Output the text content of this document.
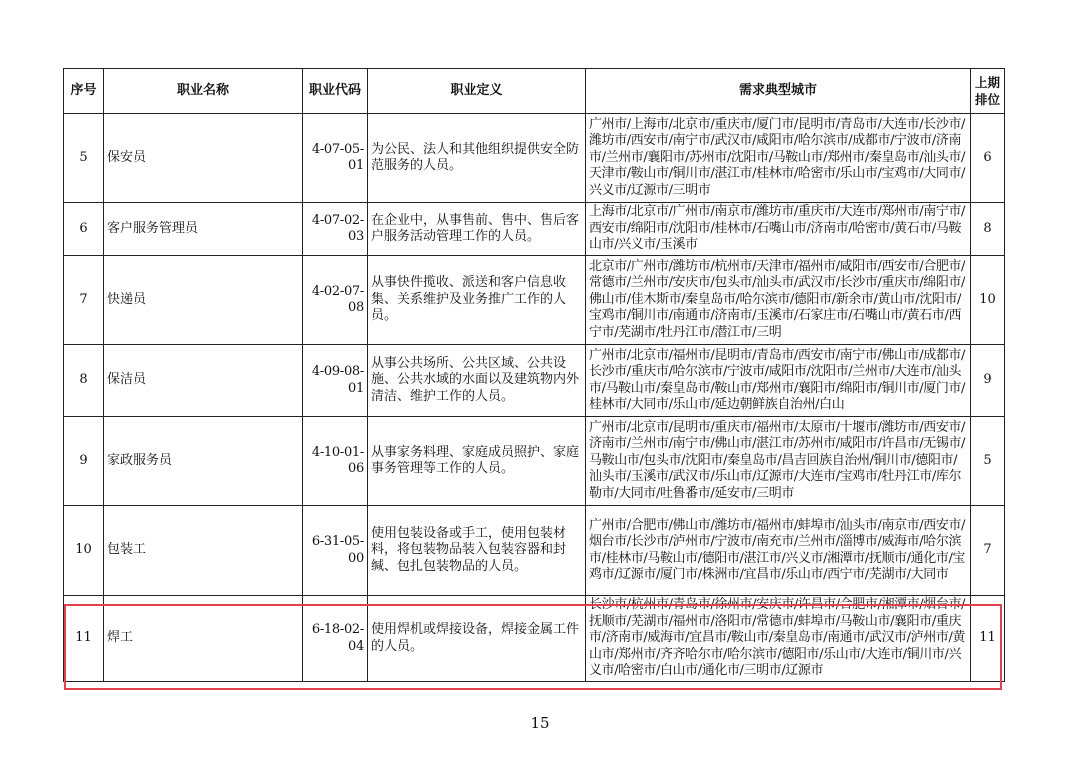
序号	职业名称	职业代码	职业定义	需求典型城市	上期排位
5	保安员	4-07-05-01	为公民、法人和其他组织提供安全防范服务的人员。	广州市/上海市/北京市/重庆市/厦门市/昆明市/青岛市/大连市/长沙市/潍坊市/西安市/南宁市/武汉市/咸阳市/哈尔滨市/成都市/宁波市/济南市/兰州市/襄阳市/苏州市/沈阳市/马鞍山市/郑州市/秦皇岛市/汕头市/天津市/鞍山市/铜川市/湛江市/桂林市/哈密市/乐山市/宝鸡市/大同市/兴义市/辽源市/三明市	6
6	客户服务管理员	4-07-02-03	在企业中，从事售前、售中、售后客户服务活动管理工作的人员。	上海市/北京市/广州市/南京市/潍坊市/重庆市/大连市/郑州市/南宁市/西安市/绵阳市/沈阳市/桂林市/石嘴山市/济南市/哈密市/黄石市/马鞍山市/兴义市/玉溪市	8
7	快递员	4-02-07-08	从事快件揽收、派送和客户信息收集、关系维护及业务推广工作的人员。	北京市/广州市/潍坊市/杭州市/天津市/福州市/咸阳市/西安市/合肥市/常德市/兰州市/安庆市/包头市/汕头市/武汉市/长沙市/重庆市/绵阳市/佛山市/佳木斯市/秦皇岛市/哈尔滨市/德阳市/新余市/黄山市/沈阳市/宝鸡市/铜川市/南通市/济南市/玉溪市/石家庄市/石嘴山市/黄石市/西宁市/芜湖市/牡丹江市/潜江市/三明	10
8	保洁员	4-09-08-01	从事公共场所、公共区域、公共设施、公共水域的水面以及建筑物内外清洁、维护工作的人员。	广州市/北京市/福州市/昆明市/青岛市/西安市/南宁市/佛山市/成都市/长沙市/重庆市/哈尔滨市/宁波市/咸阳市/沈阳市/兰州市/大连市/汕头市/马鞍山市/秦皇岛市/鞍山市/郑州市/襄阳市/绵阳市/铜川市/厦门市/桂林市/大同市/乐山市/延边朝鲜族自治州/白山	9
9	家政服务员	4-10-01-06	从事家务料理、家庭成员照护、家庭事务管理等工作的人员。	广州市/北京市/昆明市/重庆市/福州市/太原市/十堰市/潍坊市/西安市/济南市/兰州市/南宁市/佛山市/湛江市/苏州市/咸阳市/许昌市/无锡市/马鞍山市/包头市/沈阳市/秦皇岛市/昌吉回族自治州/铜川市/德阳市/汕头市/玉溪市/武汉市/乐山市/辽源市/大连市/宝鸡市/牡丹江市/库尔勒市/大同市/吐鲁番市/延安市/三明市	5
10	包装工	6-31-05-00	使用包装设备或手工，使用包装材料，将包装物品装入包装容器和封缄、包扎包装物品的人员。	广州市/合肥市/佛山市/潍坊市/福州市/蚌埠市/汕头市/南京市/西安市/烟台市/长沙市/泸州市/宁波市/南充市/兰州市/淄博市/威海市/哈尔滨市/桂林市/马鞍山市/德阳市/湛江市/兴义市/湘潭市/抚顺市/通化市/宝鸡市/辽源市/厦门市/株洲市/宜昌市/乐山市/西宁市/芜湖市/大同市	7
11	焊工	6-18-02-04	使用焊机或焊接设备，焊接金属工件的人员。	长沙市/杭州市/青岛市/徐州市/安庆市/许昌市/合肥市/湘潭市/烟台市/抚顺市/芜湖市/福州市/洛阳市/常德市/蚌埠市/马鞍山市/襄阳市/重庆市/济南市/威海市/宜昌市/鞍山市/秦皇岛市/南通市/武汉市/泸州市/黄山市/郑州市/齐齐哈尔市/哈尔滨市/德阳市/乐山市/大连市/铜川市/兴义市/哈密市/白山市/通化市/三明市/辽源市	11
15
